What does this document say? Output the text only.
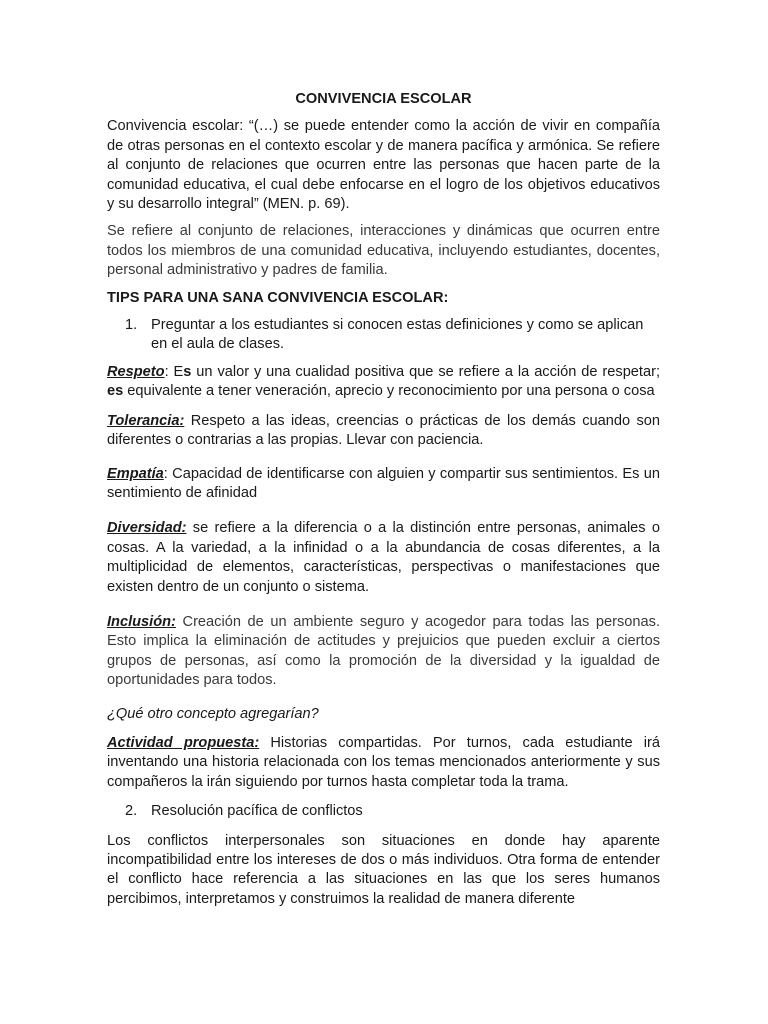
CONVIVENCIA ESCOLAR

Convivencia escolar: “(…) se puede entender como la acción de vivir en compañía de otras personas en el contexto escolar y de manera pacífica y armónica. Se refiere al conjunto de relaciones que ocurren entre las personas que hacen parte de la comunidad educativa, el cual debe enfocarse en el logro de los objetivos educativos y su desarrollo integral” (MEN. p. 69).

Se refiere al conjunto de relaciones, interacciones y dinámicas que ocurren entre todos los miembros de una comunidad educativa, incluyendo estudiantes, docentes, personal administrativo y padres de familia.

TIPS PARA UNA SANA CONVIVENCIA ESCOLAR:
1. Preguntar a los estudiantes si conocen estas definiciones y como se aplican en el aula de clases.

Respeto: Es un valor y una cualidad positiva que se refiere a la acción de respetar; es equivalente a tener veneración, aprecio y reconocimiento por una persona o cosa

Tolerancia: Respeto a las ideas, creencias o prácticas de los demás cuando son diferentes o contrarias a las propias. Llevar con paciencia.

Empatía: Capacidad de identificarse con alguien y compartir sus sentimientos. Es un sentimiento de afinidad

Diversidad: se refiere a la diferencia o a la distinción entre personas, animales o cosas. A la variedad, a la infinidad o a la abundancia de cosas diferentes, a la multiplicidad de elementos, características, perspectivas o manifestaciones que existen dentro de un conjunto o sistema.

Inclusión: Creación de un ambiente seguro y acogedor para todas las personas. Esto implica la eliminación de actitudes y prejuicios que pueden excluir a ciertos grupos de personas, así como la promoción de la diversidad y la igualdad de oportunidades para todos.

¿Qué otro concepto agregarían?

Actividad propuesta: Historias compartidas. Por turnos, cada estudiante irá inventando una historia relacionada con los temas mencionados anteriormente y sus compañeros la irán siguiendo por turnos hasta completar toda la trama.

2. Resolución pacífica de conflictos

Los conflictos interpersonales son situaciones en donde hay aparente incompatibilidad entre los intereses de dos o más individuos. Otra forma de entender el conflicto hace referencia a las situaciones en las que los seres humanos percibimos, interpretamos y construimos la realidad de manera diferente
